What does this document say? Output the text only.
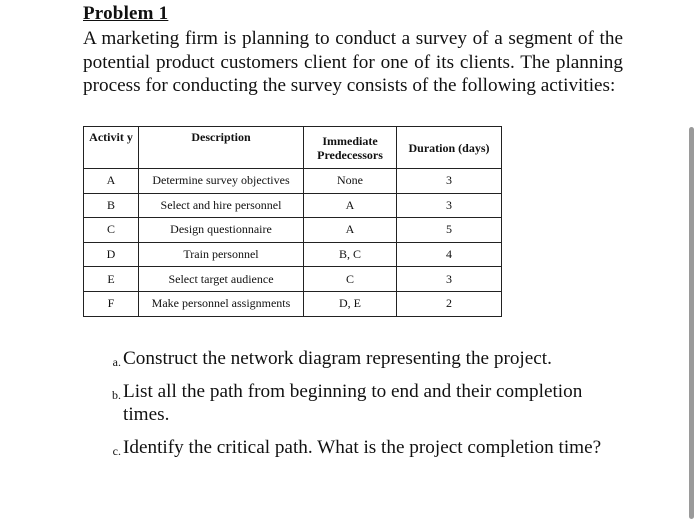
Problem 1
A marketing firm is planning to conduct a survey of a segment of the potential product customers client for one of its clients. The planning process for conducting the survey consists of the following activities:
Activit y	Description	Immediate Predecessors	Duration (days)
A	Determine survey objectives	None	3
B	Select and hire personnel	A	3
C	Design questionnaire	A	5
D	Train personnel	B, C	4
E	Select target audience	C	3
F	Make personnel assignments	D, E	2
a. Construct the network diagram representing the project.
b. List all the path from beginning to end and their completion times.
c. Identify the critical path. What is the project completion time?
